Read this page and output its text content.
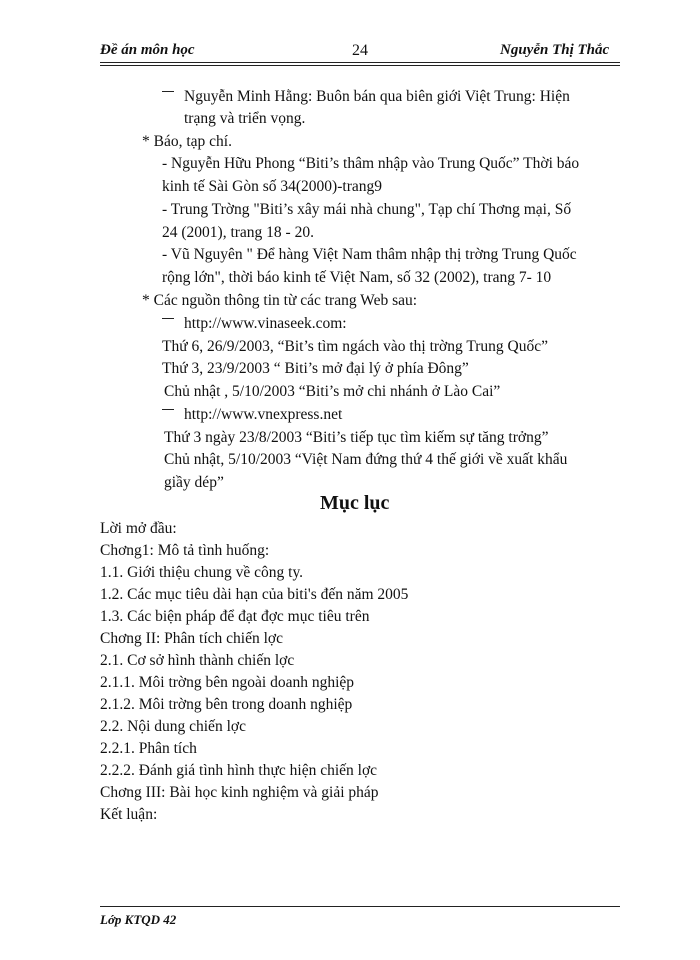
Đề án môn học	24	Nguyễn Thị Thắc
Nguyễn Minh Hằng: Buôn bán qua biên giới Việt Trung: Hiện
trạng và triển vọng.
* Báo, tạp chí.
- Nguyễn Hữu Phong “Biti’s thâm nhập vào Trung Quốc” Thời báo
kinh tế Sài Gòn số 34(2000)-trang9
- Trung Trờng "Biti’s xây mái nhà chung", Tạp chí Thơng mại, Số
24 (2001), trang 18 - 20.
- Vũ Nguyên " Để hàng Việt Nam thâm nhập thị trờng Trung Quốc
rộng lớn", thời báo kinh tế Việt Nam, số 32 (2002), trang 7- 10
* Các nguồn thông tin từ các trang Web sau:
http://www.vinaseek.com:
Thứ 6, 26/9/2003, “Bit’s tìm ngách vào thị trờng Trung Quốc”
Thứ 3, 23/9/2003 “ Biti’s mở đại lý ở phía Đông”
Chủ nhật , 5/10/2003 “Biti’s mở chi nhánh ở Lào Cai”
http://www.vnexpress.net
Thứ 3 ngày 23/8/2003 “Biti’s tiếp tục tìm kiếm sự tăng trởng”
Chủ nhật, 5/10/2003 “Việt Nam đứng thứ 4 thế giới về xuất khẩu
giầy dép”
Mục lục
Lời mở đầu:
Chơng1: Mô tả tình huống:
1.1. Giới thiệu chung về công ty.
1.2. Các mục tiêu dài hạn của biti's đến năm 2005
1.3. Các biện pháp để đạt đợc mục tiêu trên
Chơng II: Phân tích chiến lợc
2.1. Cơ sở hình thành chiến lợc
2.1.1. Môi trờng bên ngoài doanh nghiệp
2.1.2. Môi trờng bên trong doanh nghiệp
2.2. Nội dung chiến lợc
2.2.1. Phân tích
2.2.2. Đánh giá tình hình thực hiện chiến lợc
Chơng III: Bài học kinh nghiệm và giải pháp
Kết luận:
Lớp KTQD 42
